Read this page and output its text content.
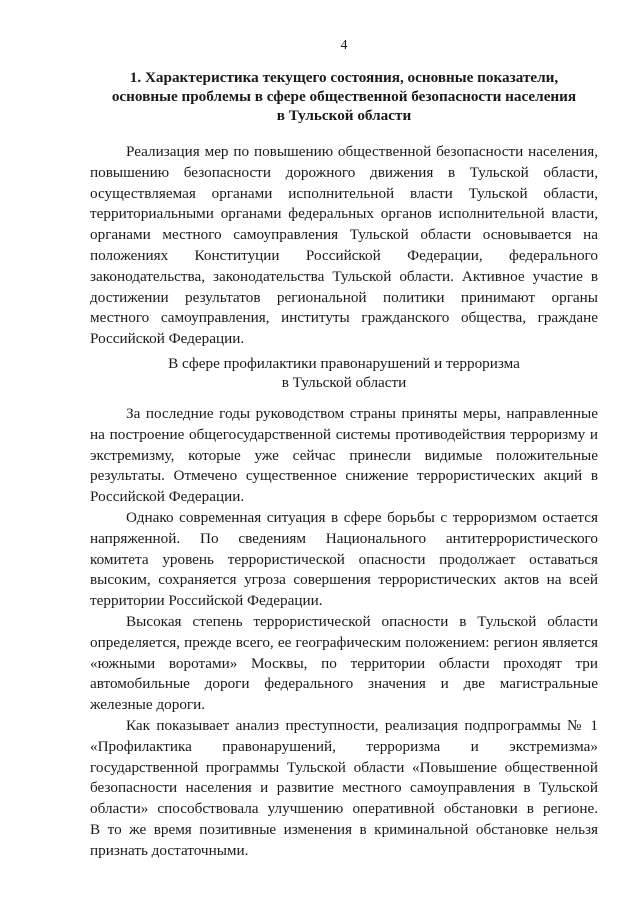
4
1. Характеристика текущего состояния, основные показатели,
основные проблемы в сфере общественной безопасности населения
в Тульской области
Реализация мер по повышению общественной безопасности населения,
повышению безопасности дорожного движения в Тульской области,
осуществляемая органами исполнительной власти Тульской области,
территориальными органами федеральных органов исполнительной власти,
органами местного самоуправления Тульской области основывается на
положениях Конституции Российской Федерации, федерального
законодательства, законодательства Тульской области. Активное участие в
достижении результатов региональной политики принимают органы
местного самоуправления, институты гражданского общества, граждане
Российской Федерации.
В сфере профилактики правонарушений и терроризма
в Тульской области
За последние годы руководством страны приняты меры, направленные
на построение общегосударственной системы противодействия терроризму и
экстремизму, которые уже сейчас принесли видимые положительные
результаты. Отмечено существенное снижение террористических акций в
Российской Федерации.
Однако современная ситуация в сфере борьбы с терроризмом остается
напряженной. По сведениям Национального антитеррористического
комитета уровень террористической опасности продолжает оставаться
высоким, сохраняется угроза совершения террористических актов на всей
территории Российской Федерации.
Высокая степень террористической опасности в Тульской области
определяется, прежде всего, ее географическим положением: регион является
«южными воротами» Москвы, по территории области проходят три
автомобильные дороги федерального значения и две магистральные
железные дороги.
Как показывает анализ преступности, реализация подпрограммы № 1
«Профилактика правонарушений, терроризма и экстремизма»
государственной программы Тульской области «Повышение общественной
безопасности населения и развитие местного самоуправления в Тульской
области» способствовала улучшению оперативной обстановки в регионе.
В то же время позитивные изменения в криминальной обстановке нельзя
признать достаточными.
